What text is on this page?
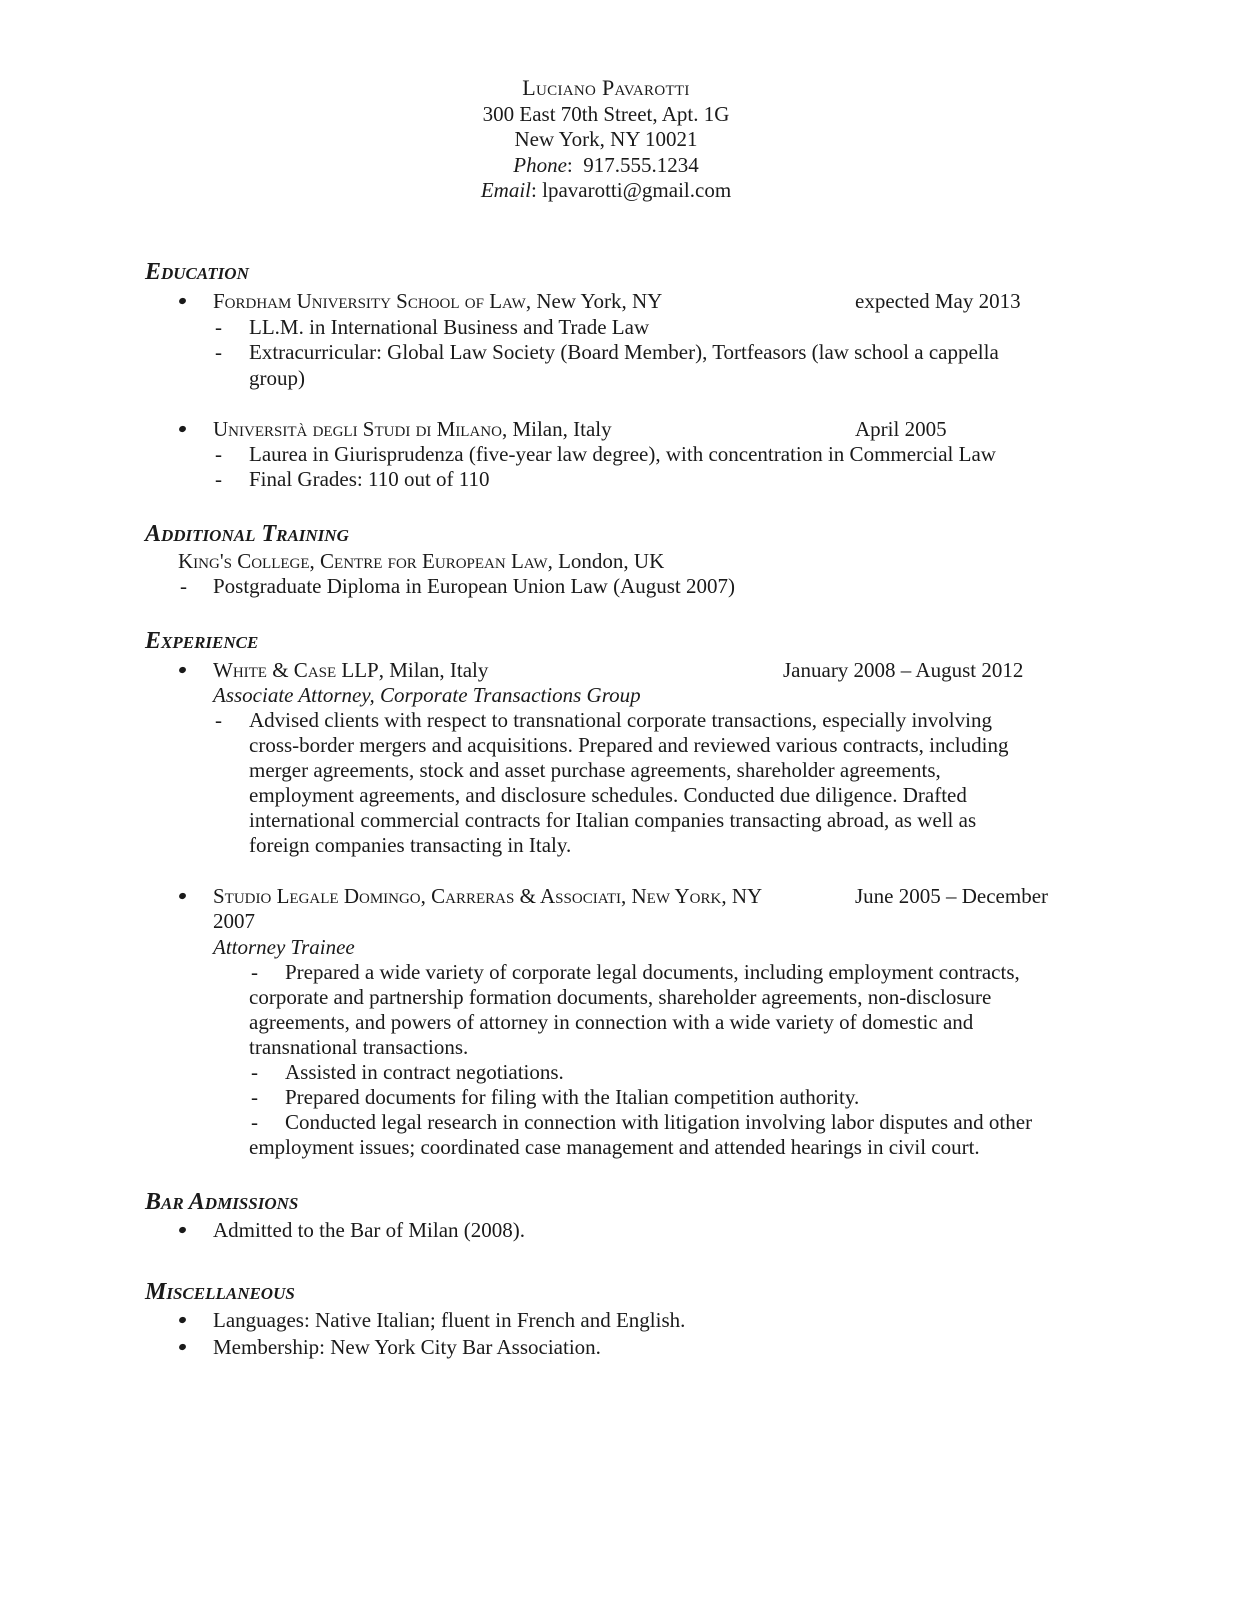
Luciano Pavarotti
300 East 70th Street, Apt. 1G
New York, NY 10021
Phone:  917.555.1234
Email: lpavarotti@gmail.com
Education
Fordham University School of Law, New York, NY	expected May 2013
- LL.M. in International Business and Trade Law
- Extracurricular: Global Law Society (Board Member), Tortfeasors (law school a cappella
group)
Università degli Studi di Milano, Milan, Italy	April 2005
- Laurea in Giurisprudenza (five-year law degree), with concentration in Commercial Law
- Final Grades: 110 out of 110
Additional Training
King's College, Centre for European Law, London, UK
- Postgraduate Diploma in European Union Law (August 2007)
Experience
White & Case LLP, Milan, Italy	January 2008 – August 2012
Associate Attorney, Corporate Transactions Group
- Advised clients with respect to transnational corporate transactions, especially involving
cross-border mergers and acquisitions. Prepared and reviewed various contracts, including
merger agreements, stock and asset purchase agreements, shareholder agreements,
employment agreements, and disclosure schedules. Conducted due diligence. Drafted
international commercial contracts for Italian companies transacting abroad, as well as
foreign companies transacting in Italy.
Studio Legale Domingo, Carreras & Associati, New York, NY	June 2005 – December
2007
Attorney Trainee
- Prepared a wide variety of corporate legal documents, including employment contracts,
corporate and partnership formation documents, shareholder agreements, non-disclosure
agreements, and powers of attorney in connection with a wide variety of domestic and
transnational transactions.
- Assisted in contract negotiations.
- Prepared documents for filing with the Italian competition authority.
- Conducted legal research in connection with litigation involving labor disputes and other
employment issues; coordinated case management and attended hearings in civil court.
Bar Admissions
Admitted to the Bar of Milan (2008).
Miscellaneous
Languages: Native Italian; fluent in French and English.
Membership: New York City Bar Association.
